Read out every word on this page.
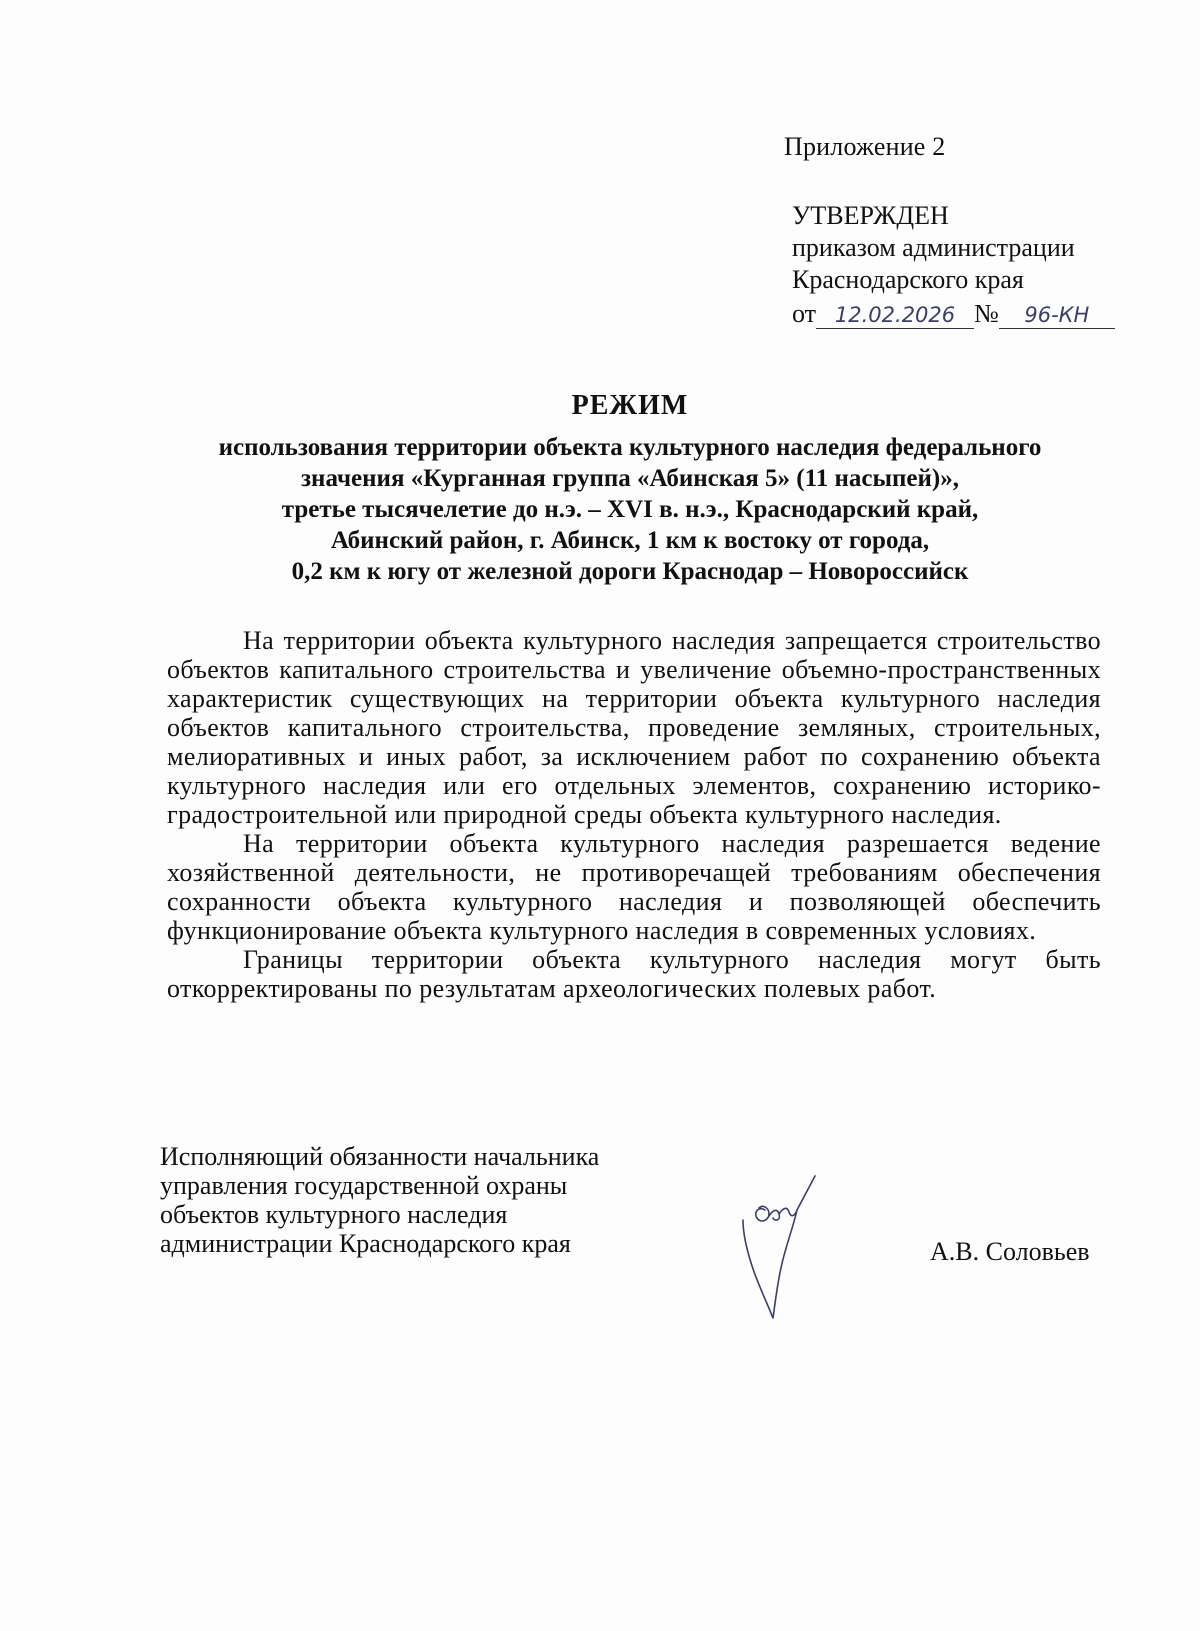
Приложение 2
УТВЕРЖДЕН
приказом администрации
Краснодарского края
от 12.02.2026 № 96-КН
РЕЖИМ
использования территории объекта культурного наследия федерального
значения «Курганная группа «Абинская 5» (11 насыпей)»,
третье тысячелетие до н.э. – XVI в. н.э., Краснодарский край,
Абинский район, г. Абинск, 1 км к востоку от города,
0,2 км к югу от железной дороги Краснодар – Новороссийск

На территории объекта культурного наследия запрещается строительство объектов капитального строительства и увеличение объемно-пространственных характеристик существующих на территории объекта культурного наследия объектов капитального строительства, проведение земляных, строительных, мелиоративных и иных работ, за исключением работ по сохранению объекта культурного наследия или его отдельных элементов, сохранению историко-градостроительной или природной среды объекта культурного наследия.

На территории объекта культурного наследия разрешается ведение хозяйственной деятельности, не противоречащей требованиям обеспечения сохранности объекта культурного наследия и позволяющей обеспечить функционирование объекта культурного наследия в современных условиях.

Границы территории объекта культурного наследия могут быть откорректированы по результатам археологических полевых работ.

Исполняющий обязанности начальника
управления государственной охраны
объектов культурного наследия
администрации Краснодарского края	А.В. Соловьев
